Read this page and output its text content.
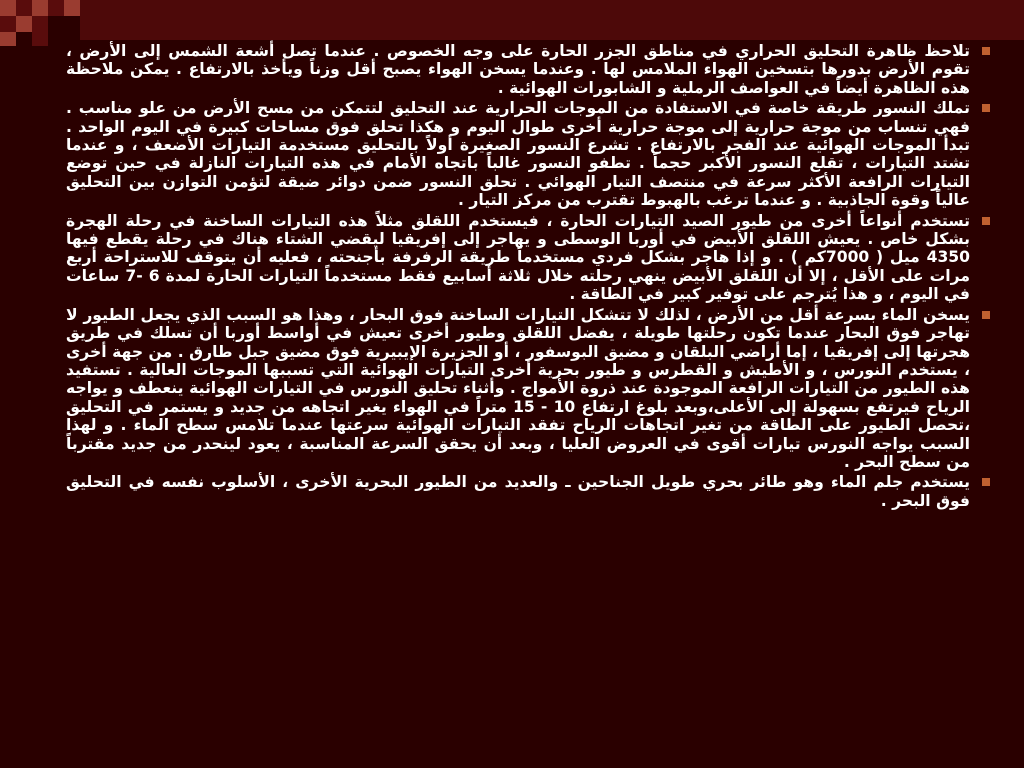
تلاحظ ظاهرة التحليق الحراري في مناطق الجزر الحارة على وجه الخصوص . عندما تصل أشعة الشمس إلى الأرض ، تقوم الأرض بدورها بتسخين الهواء الملامس لها . وعندما يسخن الهواء يصبح أقل وزناً ويأخذ بالارتفاع . يمكن ملاحظة هذه الظاهرة أيضاً في العواصف الرملية و الشابورات الهوائية .
تملك النسور طريقة خاصة في الاستفادة من الموجات الحرارية عند التحليق لتتمكن من مسح الأرض من علو مناسب . فهي تنساب من موجة حرارية إلى موجة حرارية أخرى طوال اليوم و هكذا تحلق فوق مساحات كبيرة في اليوم الواحد . تبدأ الموجات الهوائية عند الفجر بالارتفاع . تشرع النسور الصغيرة أولاً بالتحليق مستخدمة التيارات الأضعف ، و عندما تشتد التيارات ، تقلع النسور الأكبر حجماً . تطفو النسور غالباً باتجاه الأمام في هذه التيارات النازلة في حين توضع التيارات الرافعة الأكثر سرعة في منتصف التيار الهوائي . تحلق النسور ضمن دوائر ضيقة لتؤمن التوازن بين التحليق عالياً وقوة الجاذبية . و عندما ترغب بالهبوط تقترب من مركز التيار .
تستخدم أنواعاً أخرى من طيور الصيد التيارات الحارة ، فيستخدم اللقلق مثلاً هذه التيارات الساخنة في رحلة الهجرة بشكل خاص . يعيش اللقلق الأبيض في أوربا الوسطى و يهاجر إلى إفريقيا ليقضي الشتاء هناك في رحلة يقطع فيها 4350 ميل ( 7000كم ) . و إذا هاجر بشكل فردي مستخدماً طريقة الرفرفة بأجنحته ، فعليه أن يتوقف للاستراحة أربع مرات على الأقل ، إلا أن اللقلق الأبيض ينهي رحلته خلال ثلاثة أسابيع فقط مستخدماً التيارات الحارة لمدة 6 -7 ساعات في اليوم ، و هذا يُترجم على توفير كبير في الطاقة .
يسخن الماء بسرعة أقل من الأرض ، لذلك لا تتشكل التيارات الساخنة فوق البحار ، وهذا هو السبب الذي يجعل الطيور لا تهاجر فوق البحار عندما تكون رحلتها طويلة ، يفضل اللقلق وطيور أخرى تعيش في أواسط أوربا أن تسلك في طريق هجرتها إلى إفريقيا ، إما أراضي البلقان و مضيق البوسفور ، أو الجزيرة الإيبيرية فوق مضيق جبل طارق . من جهة أخرى ، يستخدم النورس ، و الأطيش و القطرس و طيور بحرية أخرى التيارات الهوائية التي تسببها الموجات العالية . تستفيد هذه الطيور من التيارات الرافعة الموجودة عند ذروة الأمواج . وأثناء تحليق النورس في التيارات الهوائية ينعطف و يواجه الرياح فيرتفع بسهولة إلى الأعلى،وبعد بلوغ ارتفاع 10 - 15 متراً في الهواء يغير اتجاهه من جديد و يستمر في التحليق ،تحصل الطيور على الطاقة من تغير اتجاهات الرياح تفقد التيارات الهوائية سرعتها عندما تلامس سطح الماء . و لهذا السبب يواجه النورس تيارات أقوى في العروض العليا ، وبعد أن يحقق السرعة المناسبة ، يعود لينحدر من جديد مقترباً من سطح البحر .
يستخدم جلم الماء وهو طائر بحري طويل الجناحين ـ والعديد من الطيور البحرية الأخرى ، الأسلوب نفسه في التحليق فوق البحر .
